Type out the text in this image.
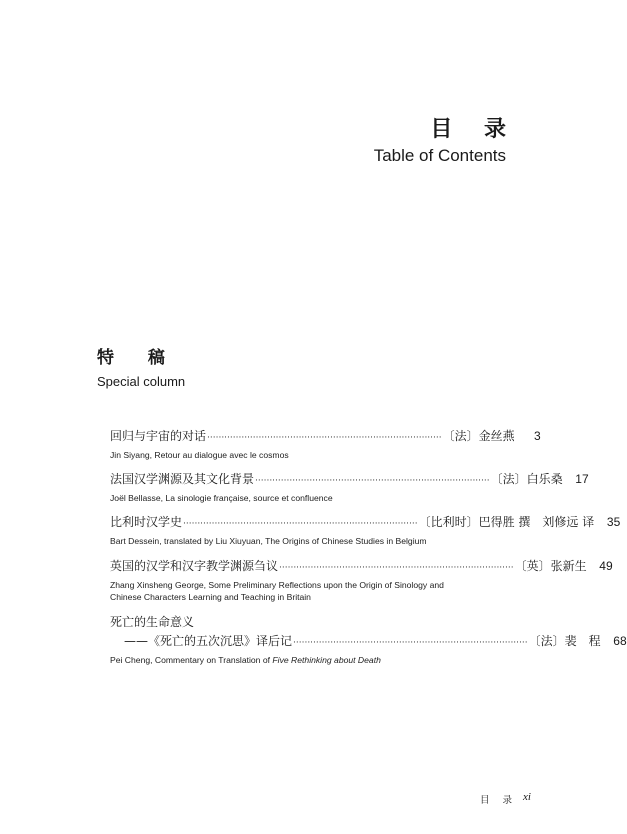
目 录
Table of Contents
特 稿
Special column
回归与宇宙的对话 ·················································································· 〔法〕金丝燕	3
Jin Siyang, Retour au dialogue avec le cosmos
法国汉学渊源及其文化背景 ·················································································· 〔法〕白乐桑	17
Joël Bellasse, La sinologie française, source et confluence
比利时汉学史 ·················································································· 〔比利时〕巴得胜 撰　刘修远 译	35
Bart Dessein, translated by Liu Xiuyuan, The Origins of Chinese Studies in Belgium
英国的汉学和汉字教学渊源刍议 ·················································································· 〔英〕张新生	49
Zhang Xinsheng George, Some Preliminary Reflections upon the Origin of Sinology and
Chinese Characters Learning and Teaching in Britain
死亡的生命意义
——《死亡的五次沉思》译后记 ·················································································· 〔法〕裴　程	68
Pei Cheng, Commentary on Translation of Five Rethinking about Death
目 录 xi
